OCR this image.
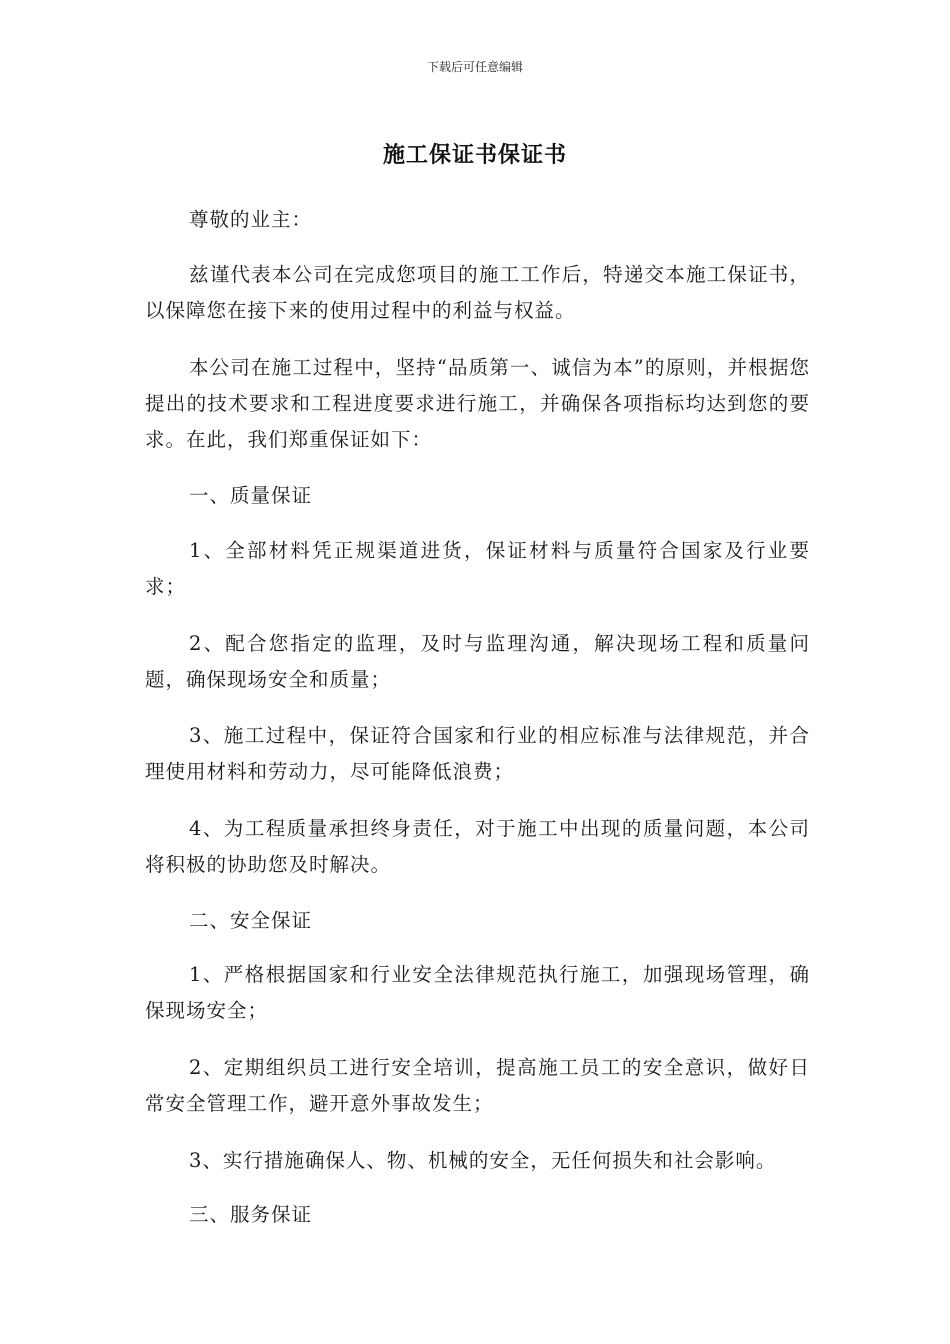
下载后可任意编辑
施工保证书保证书

尊敬的业主：

兹谨代表本公司在完成您项目的施工工作后，特递交本施工保证书，以保障您在接下来的使用过程中的利益与权益。

本公司在施工过程中，坚持“品质第一、诚信为本”的原则，并根据您提出的技术要求和工程进度要求进行施工，并确保各项指标均达到您的要求。在此，我们郑重保证如下：

一、质量保证

1、全部材料凭正规渠道进货，保证材料与质量符合国家及行业要求；

2、配合您指定的监理，及时与监理沟通，解决现场工程和质量问题，确保现场安全和质量；

3、施工过程中，保证符合国家和行业的相应标准与法律规范，并合理使用材料和劳动力，尽可能降低浪费；

4、为工程质量承担终身责任，对于施工中出现的质量问题，本公司将积极的协助您及时解决。

二、安全保证

1、严格根据国家和行业安全法律规范执行施工，加强现场管理，确保现场安全；

2、定期组织员工进行安全培训，提高施工员工的安全意识，做好日常安全管理工作，避开意外事故发生；

3、实行措施确保人、物、机械的安全，无任何损失和社会影响。

三、服务保证
